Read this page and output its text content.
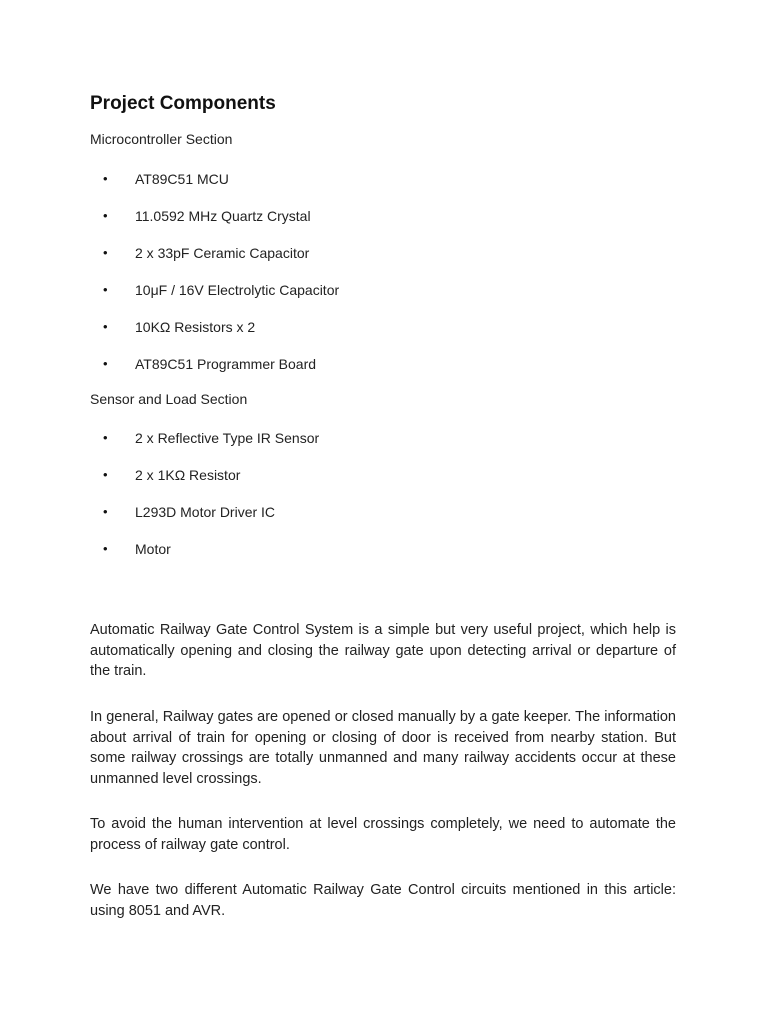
Project Components

Microcontroller Section

• AT89C51 MCU
• 11.0592 MHz Quartz Crystal
• 2 x 33pF Ceramic Capacitor
• 10μF / 16V Electrolytic Capacitor
• 10KΩ Resistors x 2
• AT89C51 Programmer Board

Sensor and Load Section

• 2 x Reflective Type IR Sensor
• 2 x 1KΩ Resistor
• L293D Motor Driver IC
• Motor

Automatic Railway Gate Control System is a simple but very useful project, which help is automatically opening and closing the railway gate upon detecting arrival or departure of the train.

In general, Railway gates are opened or closed manually by a gate keeper. The information about arrival of train for opening or closing of door is received from nearby station. But some railway crossings are totally unmanned and many railway accidents occur at these unmanned level crossings.

To avoid the human intervention at level crossings completely, we need to automate the process of railway gate control.

We have two different Automatic Railway Gate Control circuits mentioned in this article: using 8051 and AVR.
